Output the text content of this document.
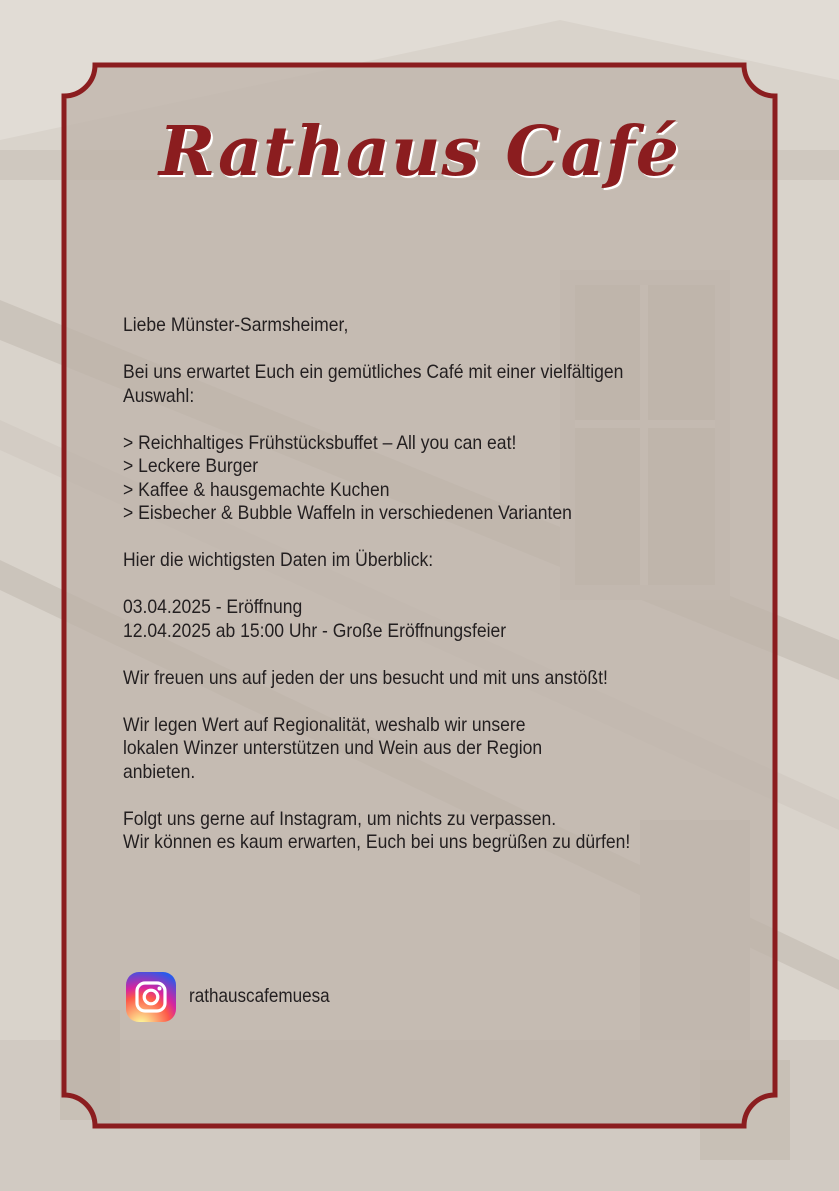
Rathaus Café

Liebe Münster-Sarmsheimer,

Bei uns erwartet Euch ein gemütliches Café mit einer vielfältigen
Auswahl:

> Reichhaltiges Frühstücksbuffet – All you can eat!
> Leckere Burger
> Kaffee & hausgemachte Kuchen
> Eisbecher & Bubble Waffeln in verschiedenen Varianten

Hier die wichtigsten Daten im Überblick:

03.04.2025 - Eröffnung
12.04.2025 ab 15:00 Uhr - Große Eröffnungsfeier

Wir freuen uns auf jeden der uns besucht und mit uns anstößt!

Wir legen Wert auf Regionalität, weshalb wir unsere
lokalen Winzer unterstützen und Wein aus der Region
anbieten.

Folgt uns gerne auf Instagram, um nichts zu verpassen.
Wir können es kaum erwarten, Euch bei uns begrüßen zu dürfen!

rathauscafemuesa
